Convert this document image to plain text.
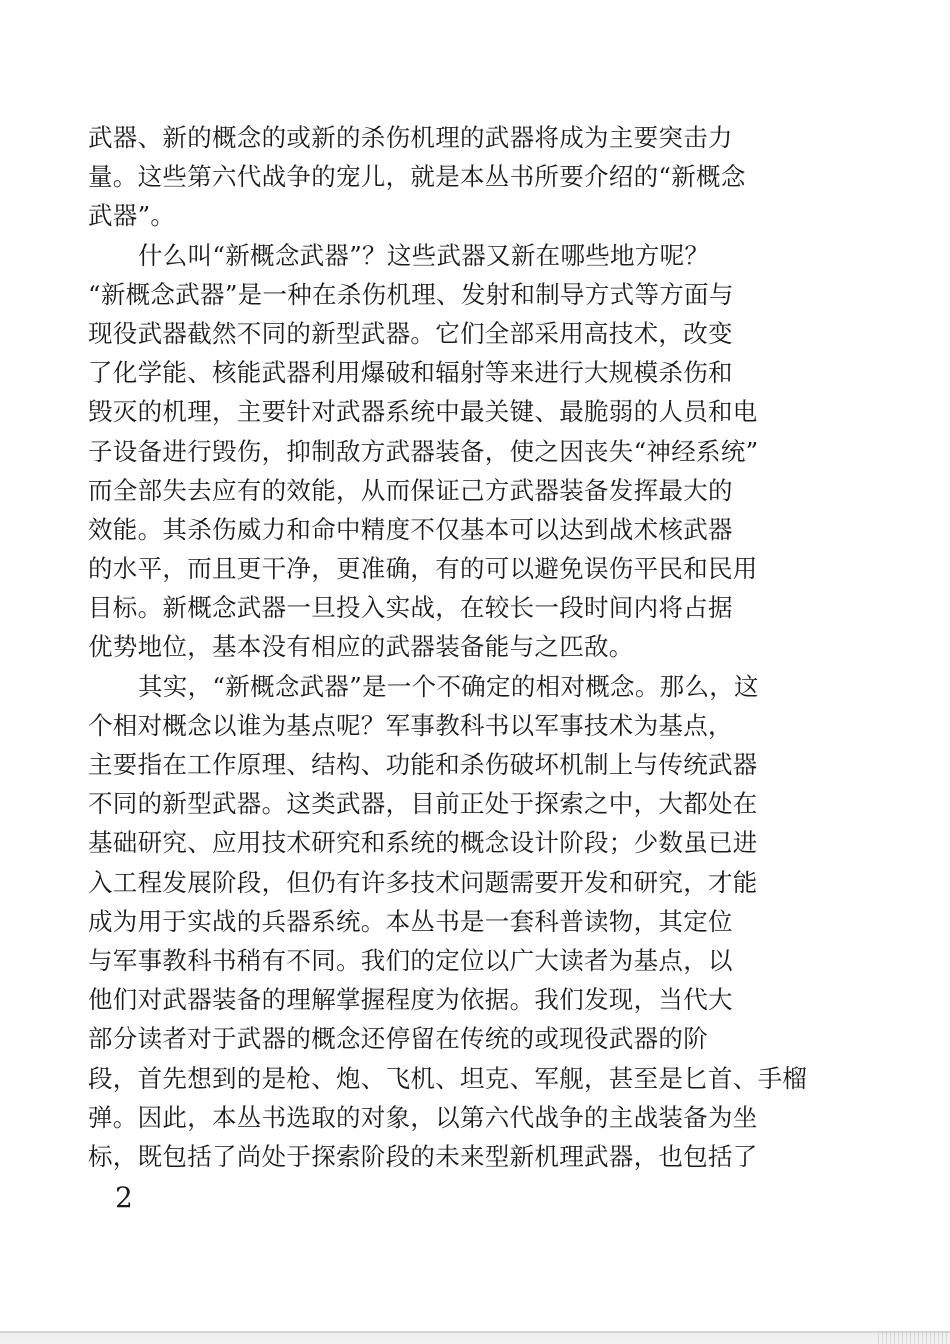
武器、新的概念的或新的杀伤机理的武器将成为主要突击力
量。这些第六代战争的宠儿，就是本丛书所要介绍的“新概念
武器”。
什么叫“新概念武器”？这些武器又新在哪些地方呢？
“新概念武器”是一种在杀伤机理、发射和制导方式等方面与
现役武器截然不同的新型武器。它们全部采用高技术，改变
了化学能、核能武器利用爆破和辐射等来进行大规模杀伤和
毁灭的机理，主要针对武器系统中最关键、最脆弱的人员和电
子设备进行毁伤，抑制敌方武器装备，使之因丧失“神经系统”
而全部失去应有的效能，从而保证己方武器装备发挥最大的
效能。其杀伤威力和命中精度不仅基本可以达到战术核武器
的水平，而且更干净，更准确，有的可以避免误伤平民和民用
目标。新概念武器一旦投入实战，在较长一段时间内将占据
优势地位，基本没有相应的武器装备能与之匹敌。
其实，“新概念武器”是一个不确定的相对概念。那么，这
个相对概念以谁为基点呢？军事教科书以军事技术为基点，
主要指在工作原理、结构、功能和杀伤破坏机制上与传统武器
不同的新型武器。这类武器，目前正处于探索之中，大都处在
基础研究、应用技术研究和系统的概念设计阶段；少数虽已进
入工程发展阶段，但仍有许多技术问题需要开发和研究，才能
成为用于实战的兵器系统。本丛书是一套科普读物，其定位
与军事教科书稍有不同。我们的定位以广大读者为基点，以
他们对武器装备的理解掌握程度为依据。我们发现，当代大
部分读者对于武器的概念还停留在传统的或现役武器的阶
段，首先想到的是枪、炮、飞机、坦克、军舰，甚至是匕首、手榴
弹。因此，本丛书选取的对象，以第六代战争的主战装备为坐
标，既包括了尚处于探索阶段的未来型新机理武器，也包括了
2
